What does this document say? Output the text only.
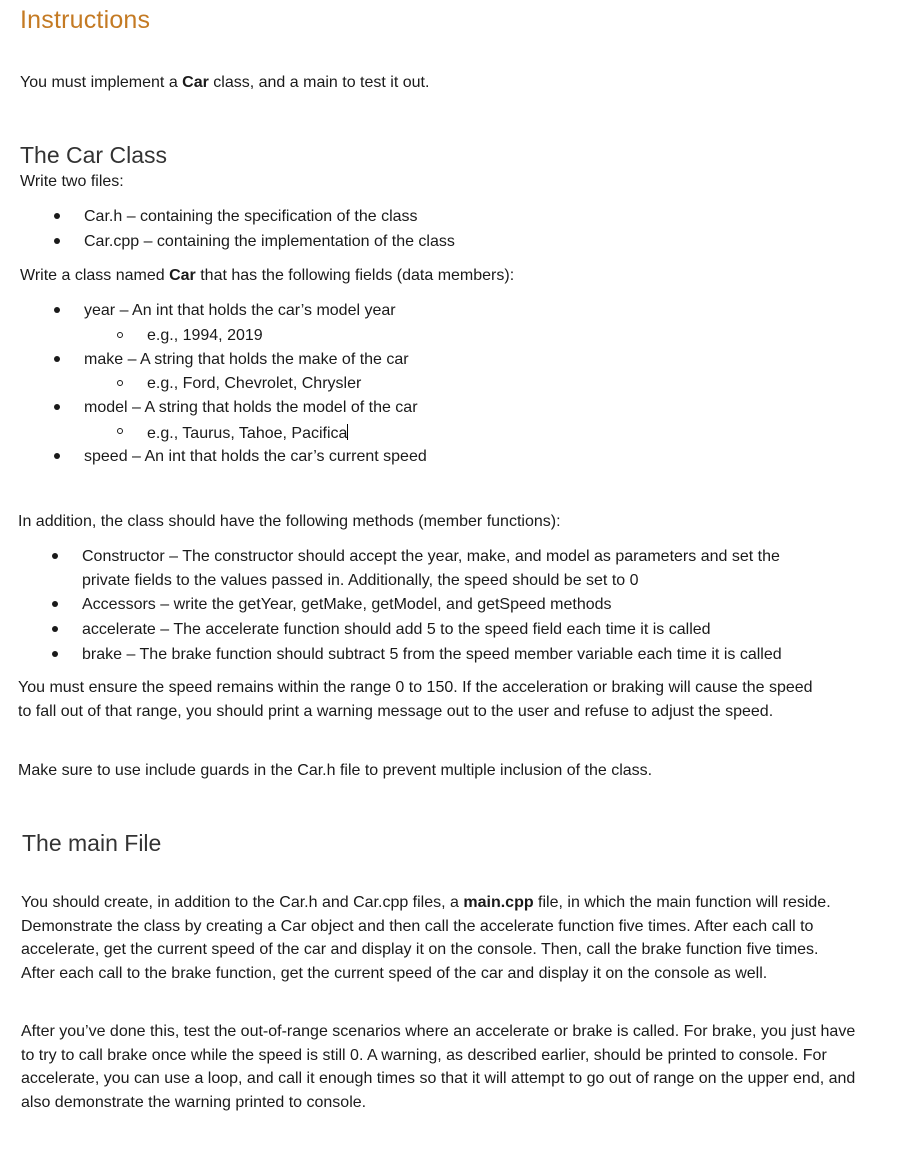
Instructions
You must implement a Car class, and a main to test it out.
The Car Class
Write two files:
Car.h – containing the specification of the class
Car.cpp – containing the implementation of the class
Write a class named Car that has the following fields (data members):
year – An int that holds the car’s model year
e.g., 1994, 2019
make – A string that holds the make of the car
e.g., Ford, Chevrolet, Chrysler
model – A string that holds the model of the car
e.g., Taurus, Tahoe, Pacifica
speed – An int that holds the car’s current speed
In addition, the class should have the following methods (member functions):
Constructor – The constructor should accept the year, make, and model as parameters and set the
private fields to the values passed in. Additionally, the speed should be set to 0
Accessors – write the getYear, getMake, getModel, and getSpeed methods
accelerate – The accelerate function should add 5 to the speed field each time it is called
brake – The brake function should subtract 5 from the speed member variable each time it is called
You must ensure the speed remains within the range 0 to 150. If the acceleration or braking will cause the speed to fall out of that range, you should print a warning message out to the user and refuse to adjust the speed.
Make sure to use include guards in the Car.h file to prevent multiple inclusion of the class.
The main File
You should create, in addition to the Car.h and Car.cpp files, a main.cpp file, in which the main function will reside. Demonstrate the class by creating a Car object and then call the accelerate function five times. After each call to accelerate, get the current speed of the car and display it on the console. Then, call the brake function five times. After each call to the brake function, get the current speed of the car and display it on the console as well.
After you’ve done this, test the out-of-range scenarios where an accelerate or brake is called. For brake, you just have to try to call brake once while the speed is still 0. A warning, as described earlier, should be printed to console. For accelerate, you can use a loop, and call it enough times so that it will attempt to go out of range on the upper end, and also demonstrate the warning printed to console.
